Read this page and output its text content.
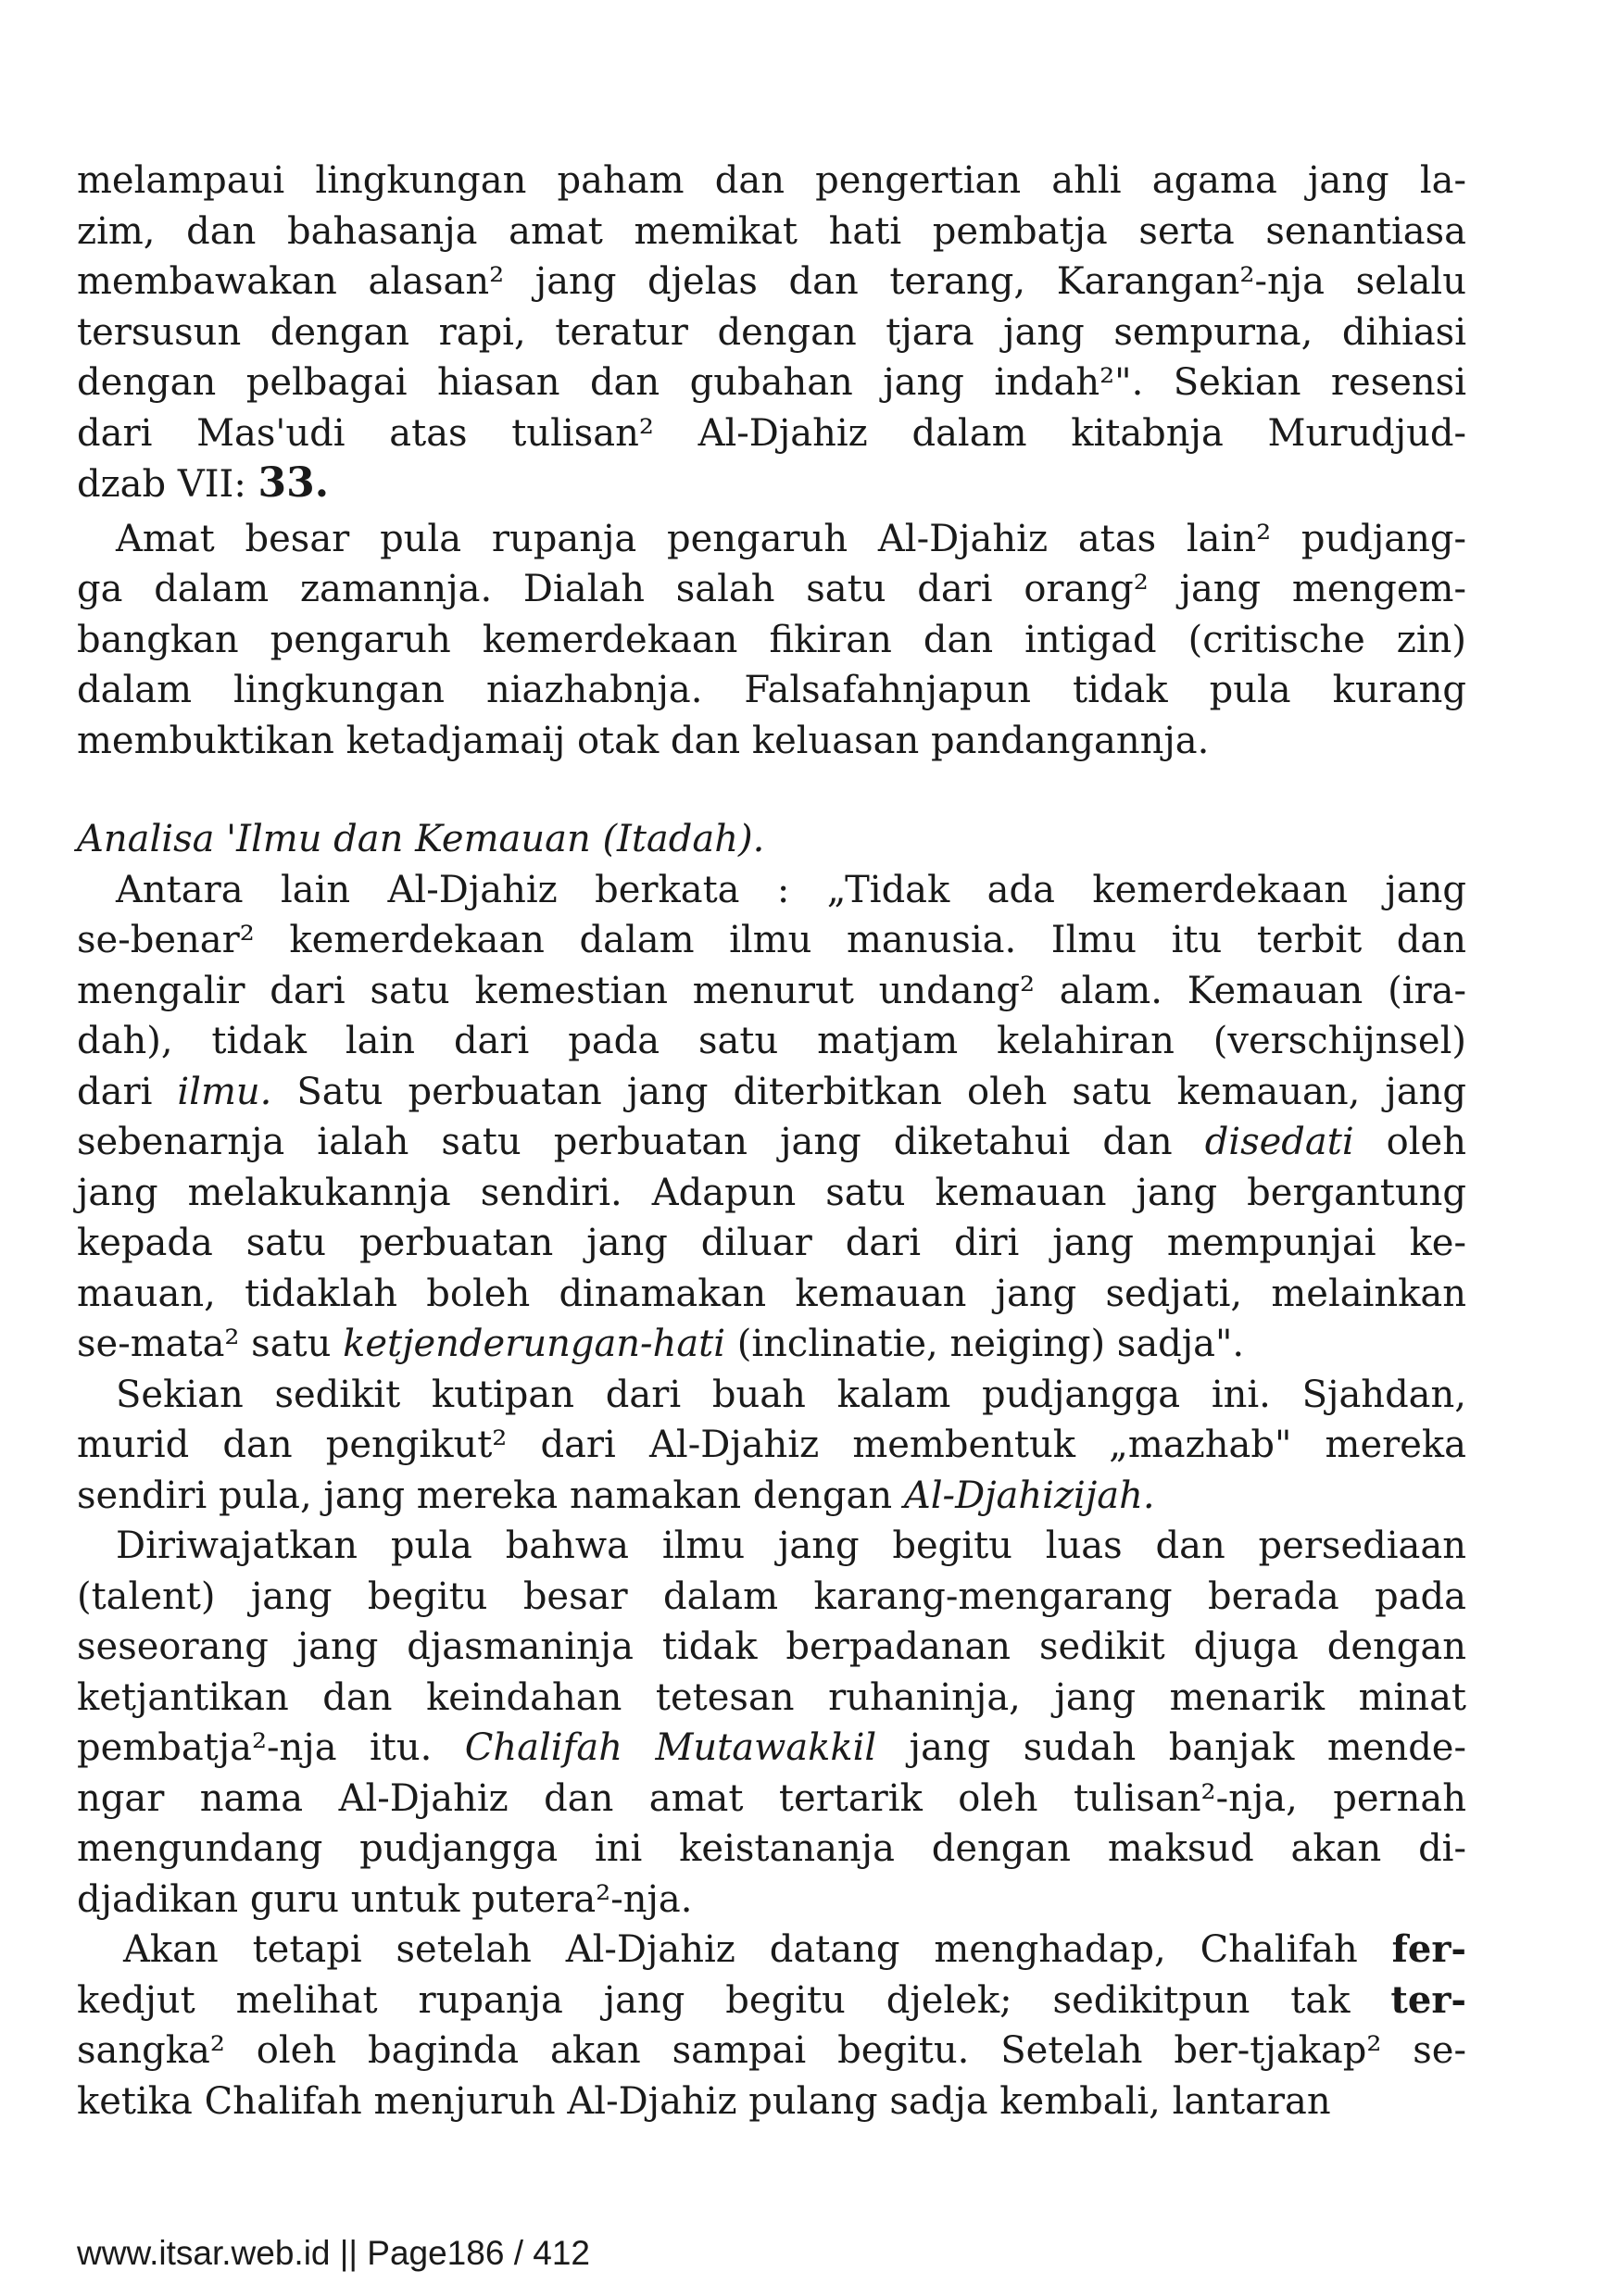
melampaui lingkungan paham dan pengertian ahli agama jang la-
zim, dan bahasanja amat memikat hati pembatja serta senantiasa
membawakan alasan² jang djelas dan terang, Karangan²-nja selalu
tersusun dengan rapi, teratur dengan tjara jang sempurna, dihiasi
dengan pelbagai hiasan dan gubahan jang indah²". Sekian resensi
dari Mas'udi atas tulisan² Al-Djahiz dalam kitabnja Murudjud-
dzab VII: 33.
Amat besar pula rupanja pengaruh Al-Djahiz atas lain² pudjang-
ga dalam zamannja. Dialah salah satu dari orang² jang mengem-
bangkan pengaruh kemerdekaan fikiran dan intigad (critische zin)
dalam lingkungan niazhabnja. Falsafahnjapun tidak pula kurang
membuktikan ketadjamaij otak dan keluasan pandangannja.
Analisa 'Ilmu dan Kemauan (Itadah).
Antara lain Al-Djahiz berkata : „Tidak ada kemerdekaan jang
se-benar² kemerdekaan dalam ilmu manusia. Ilmu itu terbit dan
mengalir dari satu kemestian menurut undang² alam. Kemauan (ira-
dah), tidak lain dari pada satu matjam kelahiran (verschijnsel)
dari ilmu. Satu perbuatan jang diterbitkan oleh satu kemauan, jang
sebenarnja ialah satu perbuatan jang diketahui dan disedati oleh
jang melakukannja sendiri. Adapun satu kemauan jang bergantung
kepada satu perbuatan jang diluar dari diri jang mempunjai ke-
mauan, tidaklah boleh dinamakan kemauan jang sedjati, melainkan
se-mata² satu ketjenderungan-hati (inclinatie, neiging) sadja".
Sekian sedikit kutipan dari buah kalam pudjangga ini. Sjahdan,
murid dan pengikut² dari Al-Djahiz membentuk „mazhab" mereka
sendiri pula, jang mereka namakan dengan Al-Djahizijah.
Diriwajatkan pula bahwa ilmu jang begitu luas dan persediaan
(talent) jang begitu besar dalam karang-mengarang berada pada
seseorang jang djasmaninja tidak berpadanan sedikit djuga dengan
ketjantikan dan keindahan tetesan ruhaninja, jang menarik minat
pembatja²-nja itu. Chalifah Mutawakkil jang sudah banjak mende-
ngar nama Al-Djahiz dan amat tertarik oleh tulisan²-nja, pernah
mengundang pudjangga ini keistananja dengan maksud akan di-
djadikan guru untuk putera²-nja.
Akan tetapi setelah Al-Djahiz datang menghadap, Chalifah fer-
kedjut melihat rupanja jang begitu djelek; sedikitpun tak ter-
sangka² oleh baginda akan sampai begitu. Setelah ber-tjakap² se-
ketika Chalifah menjuruh Al-Djahiz pulang sadja kembali, lantaran
www.itsar.web.id || Page186 / 412
